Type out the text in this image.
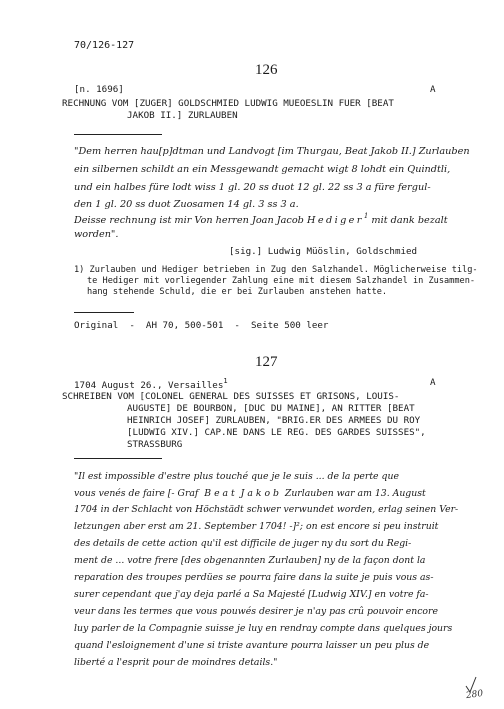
70/126-127
126
[n. 1696]	A
RECHNUNG VOM [ZUGER] GOLDSCHMIED LUDWIG MUEOESLIN FUER [BEAT
JAKOB II.] ZURLAUBEN
"Dem herren hau[p]dtman und Landvogt [im Thurgau, Beat Jakob II.] Zurlauben
ein silbernen schildt an ein Messgewandt gemacht wigt 8 lohdt ein Quindtli,
und ein halbes füre lodt wiss 1 gl. 20 ss duot 12 gl. 22 ss 3 a füre fergul-
den 1 gl. 20 ss duot Zuosamen 14 gl. 3 ss 3 a.
Deisse rechnung ist mir Von herren Joan Jacob Hediger$^1$ mit dank bezalt
worden".
[sig.] Ludwig Müöslin, Goldschmied
1) Zurlauben und Hediger betrieben in Zug den Salzhandel. Möglicherweise tilg-
te Hediger mit vorliegender Zahlung eine mit diesem Salzhandel in Zusammen-
hang stehende Schuld, die er bei Zurlauben anstehen hatte.
Original  -  AH 70, 500-501  -  Seite 500 leer
127
1704 August 26., Versailles$^1$	A
SCHREIBEN VOM [COLONEL GENERAL DES SUISSES ET GRISONS, LOUIS-
AUGUSTE] DE BOURBON, [DUC DU MAINE], AN RITTER [BEAT
HEINRICH JOSEF] ZURLAUBEN, "BRIG.ER DES ARMEES DU ROY
[LUDWIG XIV.] CAP.NE DANS LE REG. DES GARDES SUISSES",
STRASSBURG
"Il est impossible d'estre plus touché que je le suis ... de la perte que
vous venés de faire [- Graf  B e a t  J a k o b  Zurlauben war am 13. August
1704 in der Schlacht von Höchstädt schwer verwundet worden, erlag seinen Ver-
letzungen aber erst am 21. September 1704! -]²; on est encore si peu instruit
des details de cette action qu'il est difficile de juger ny du sort du Regi-
ment de ... votre frere [des obgenannten Zurlauben] ny de la façon dont la
reparation des troupes perdües se pourra faire dans la suite je puis vous as-
surer cependant que j'ay deja parlé a Sa Majesté [Ludwig XIV.] en votre fa-
veur dans les termes que vous pouwés desirer je n'ay pas crû pouvoir encore
luy parler de la Compagnie suisse je luy en rendray compte dans quelques jours
quand l'esloignement d'une si triste avanture pourra laisser un peu plus de
liberté a l'esprit pour de moindres details."
280
